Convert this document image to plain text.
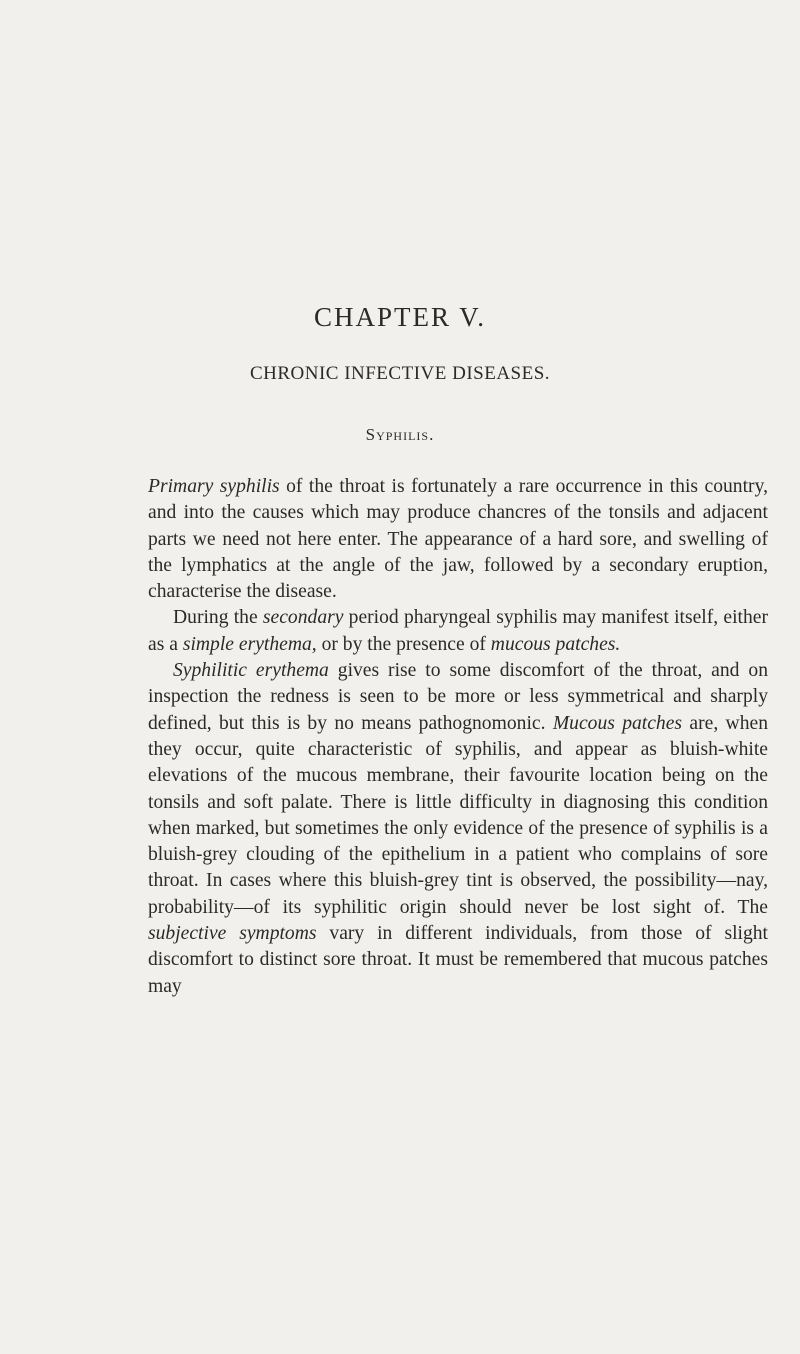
CHAPTER V.
CHRONIC INFECTIVE DISEASES.
Syphilis.

Primary syphilis of the throat is fortunately a rare occurrence in this country, and into the causes which may produce chancres of the tonsils and adjacent parts we need not here enter. The appearance of a hard sore, and swelling of the lymphatics at the angle of the jaw, followed by a secondary eruption, characterise the disease.

During the secondary period pharyngeal syphilis may manifest itself, either as a simple erythema, or by the presence of mucous patches.

Syphilitic erythema gives rise to some discomfort of the throat, and on inspection the redness is seen to be more or less symmetrical and sharply defined, but this is by no means pathognomonic. Mucous patches are, when they occur, quite characteristic of syphilis, and appear as bluish-white elevations of the mucous membrane, their favourite location being on the tonsils and soft palate. There is little difficulty in diagnosing this condition when marked, but sometimes the only evidence of the presence of syphilis is a bluish-grey clouding of the epithelium in a patient who complains of sore throat. In cases where this bluish-grey tint is observed, the possibility—nay, probability—of its syphilitic origin should never be lost sight of. The subjective symptoms vary in different individuals, from those of slight discomfort to distinct sore throat. It must be remembered that mucous patches may
